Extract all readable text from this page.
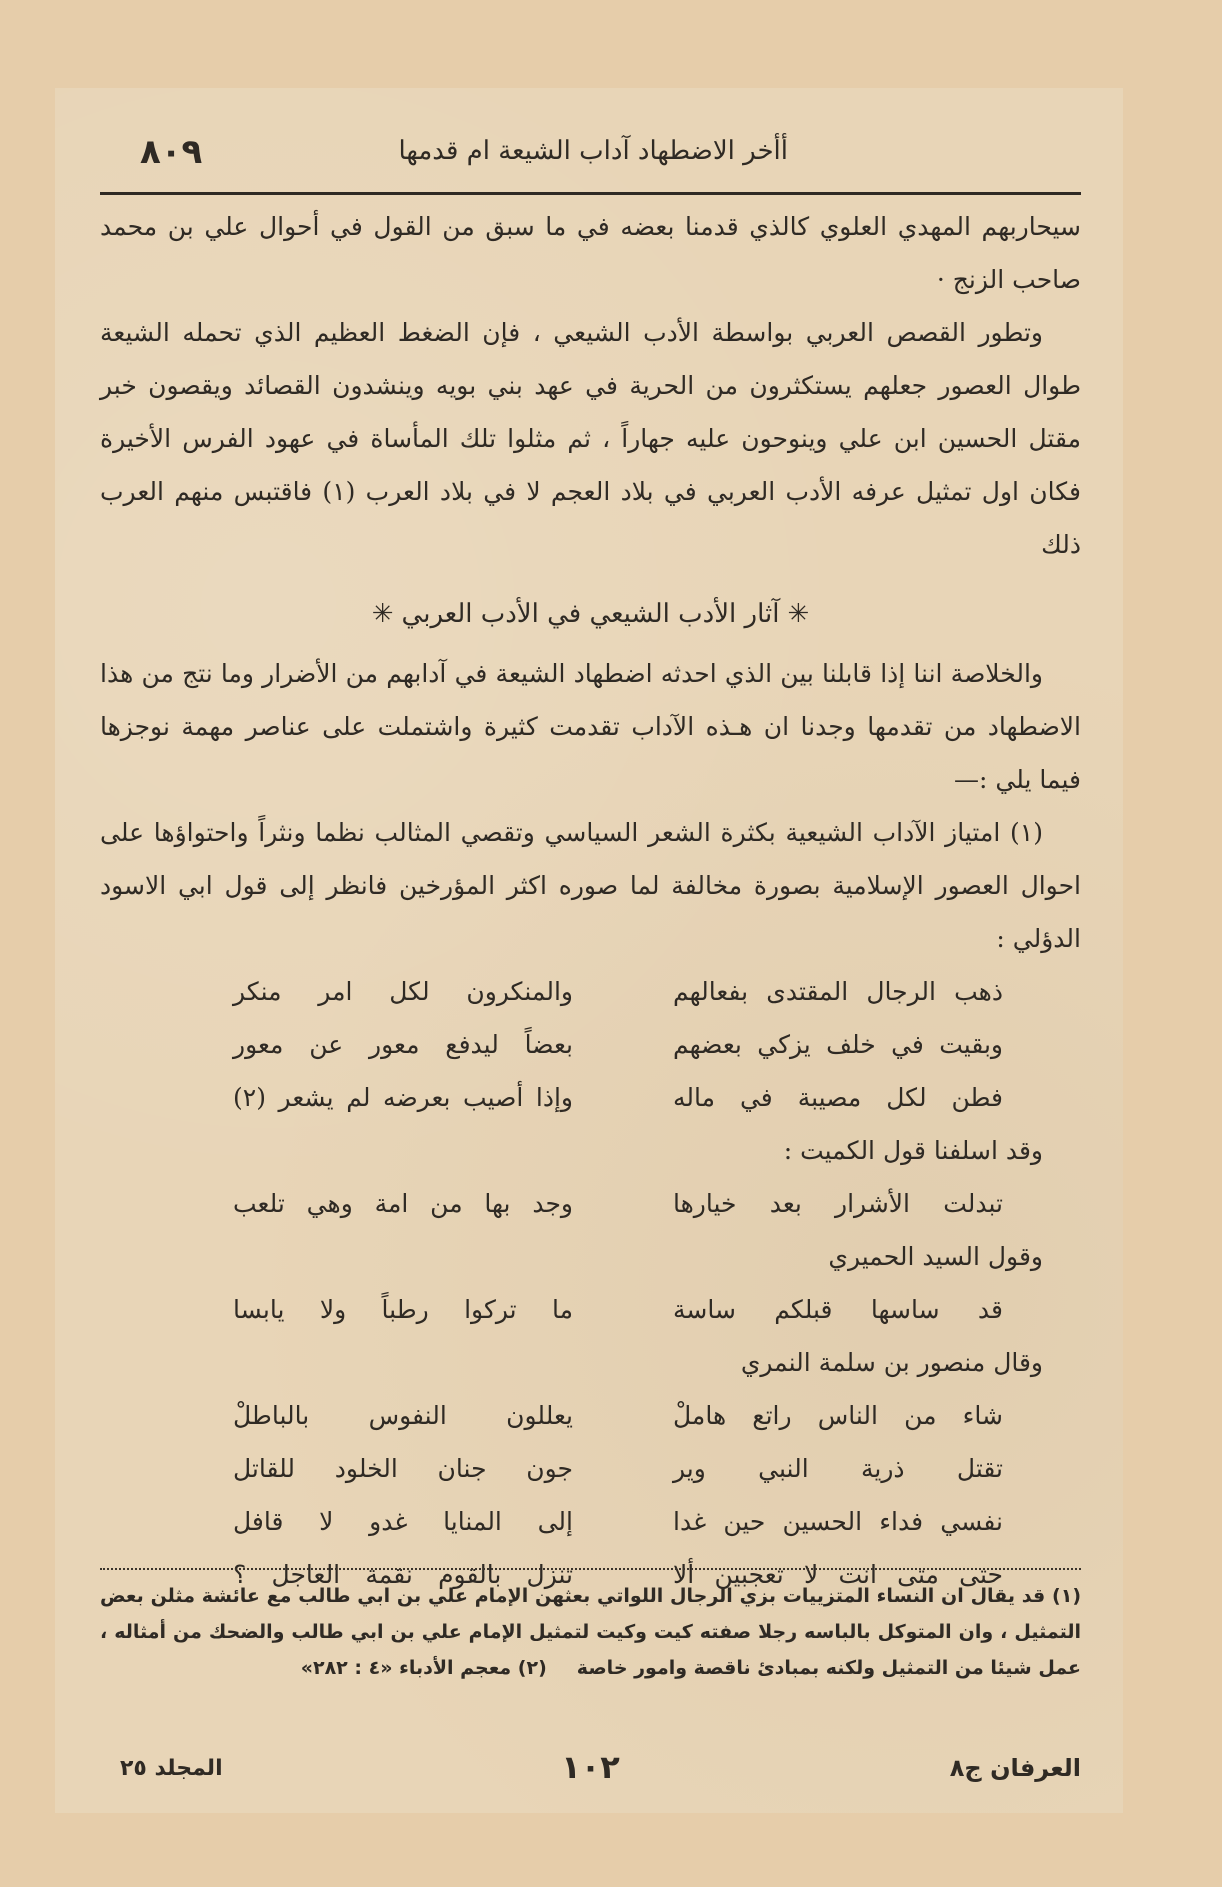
أأخر الاضطهاد آداب الشيعة ام قدمها
٨٠٩

سيحاربهم المهدي العلوي كالذي قدمنا بعضه في ما سبق من القول في أحوال علي بن محمد صاحب الزنج ·

وتطور القصص العربي بواسطة الأدب الشيعي ، فإن الضغط العظيم الذي تحمله الشيعة طوال العصور جعلهم يستكثرون من الحرية في عهد بني بويه وينشدون القصائد ويقصون خبر مقتل الحسين ابن علي وينوحون عليه جهاراً ، ثم مثلوا تلك المأساة في عهود الفرس الأخيرة فكان اول تمثيل عرفه الأدب العربي في بلاد العجم لا في بلاد العرب (١) فاقتبس منهم العرب ذلك

✳آثار الأدب الشيعي في الأدب العربي✳

والخلاصة اننا إذا قابلنا بين الذي احدثه اضطهاد الشيعة في آدابهم من الأضرار وما نتج من هذا الاضطهاد من تقدمها وجدنا ان هـذه الآداب تقدمت كثيرة واشتملت على عناصر مهمة نوجزها فيما يلي :—

(١) امتياز الآداب الشيعية بكثرة الشعر السياسي وتقصي المثالب نظما ونثراً واحتواؤها على احوال العصور الإسلامية بصورة مخالفة لما صوره اكثر المؤرخين فانظر إلى قول ابي الاسود الدؤلي :

ذهب الرجال المقتدى بفعالهم
والمنكرون لكل امر منكر
وبقيت في خلف يزكي بعضهم
بعضاً ليدفع معور عن معور
فطن لكل مصيبة في ماله
وإذا أصيب بعرضه لم يشعر (٢)
وقد اسلفنا قول الكميت :
تبدلت الأشرار بعد خيارها
وجد بها من امة وهي تلعب
وقول السيد الحميري
قد ساسها قبلكم ساسة
ما تركوا رطباً ولا يابسا
وقال منصور بن سلمة النمري
شاء من الناس راتع هاملْ
يعللون النفوس بالباطلْ
تقتل ذرية النبي وير
جون جنان الخلود للقاتل
نفسي فداء الحسين حين غدا
إلى المنايا غدو لا قافل
حتى متى انت لا تعجبين ألا
تنزل بالقوم نقمة العاجل ؟

(١) قد يقال ان النساء المتزييات بزي الرجال اللواتي بعثهن الإمام علي بن ابي طالب مع عائشة مثلن بعض التمثيل ، وان المتوكل بالباسه رجلا صفته كيت وكيت لتمثيل الإمام علي بن ابي طالب والضحك من أمثاله ، عمل شيئا من التمثيل ولكنه بمبادئ ناقصة وامور خاصة(٢) معجم الأدباء «٤ : ٢٨٢»

العرفان ج٨
١٠٢
المجلد ٢٥
